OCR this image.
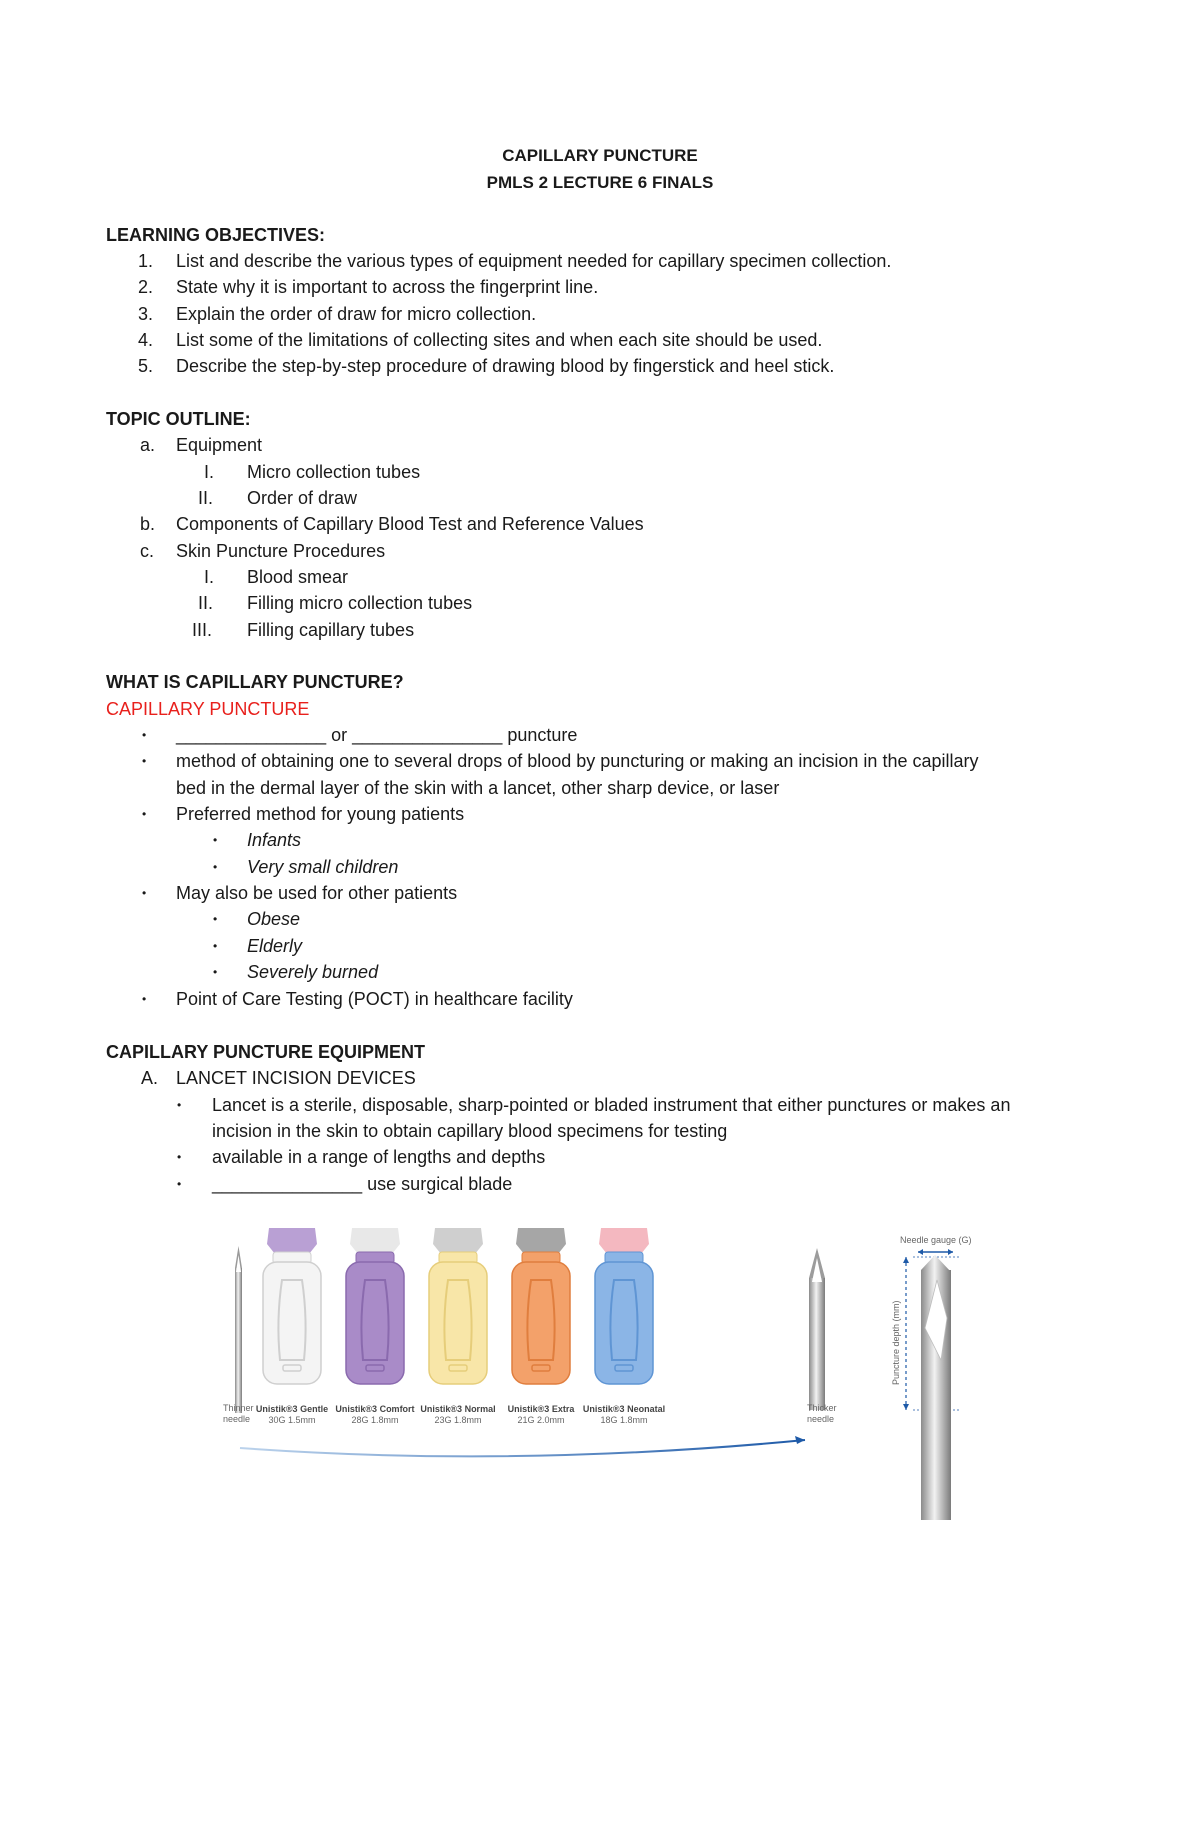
CAPILLARY PUNCTURE
PMLS 2 LECTURE 6 FINALS
LEARNING OBJECTIVES:
1. List and describe the various types of equipment needed for capillary specimen collection.
2. State why it is important to across the fingerprint line.
3. Explain the order of draw for micro collection.
4. List some of the limitations of collecting sites and when each site should be used.
5. Describe the step-by-step procedure of drawing blood by fingerstick and heel stick.
TOPIC OUTLINE:
a. Equipment
I. Micro collection tubes
II. Order of draw
b. Components of Capillary Blood Test and Reference Values
c. Skin Puncture Procedures
I. Blood smear
II. Filling micro collection tubes
III. Filling capillary tubes
WHAT IS CAPILLARY PUNCTURE?
CAPILLARY PUNCTURE
• _______________ or _______________ puncture
• method of obtaining one to several drops of blood by puncturing or making an incision in the capillary
bed in the dermal layer of the skin with a lancet, other sharp device, or laser
• Preferred method for young patients
• Infants
• Very small children
• May also be used for other patients
• Obese
• Elderly
• Severely burned
• Point of Care Testing (POCT) in healthcare facility
CAPILLARY PUNCTURE EQUIPMENT
A. LANCET INCISION DEVICES
• Lancet is a sterile, disposable, sharp-pointed or bladed instrument that either punctures or makes an
incision in the skin to obtain capillary blood specimens for testing
• available in a range of lengths and depths
• _______________ use surgical blade
Thinner
needle
Unistik®3 Gentle
30G 1.5mm
Unistik®3 Comfort
28G 1.8mm
Unistik®3 Normal
23G 1.8mm
Unistik®3 Extra
21G 2.0mm
Unistik®3 Neonatal
18G 1.8mm
Thicker
needle
Needle gauge (G)
Puncture depth (mm)
